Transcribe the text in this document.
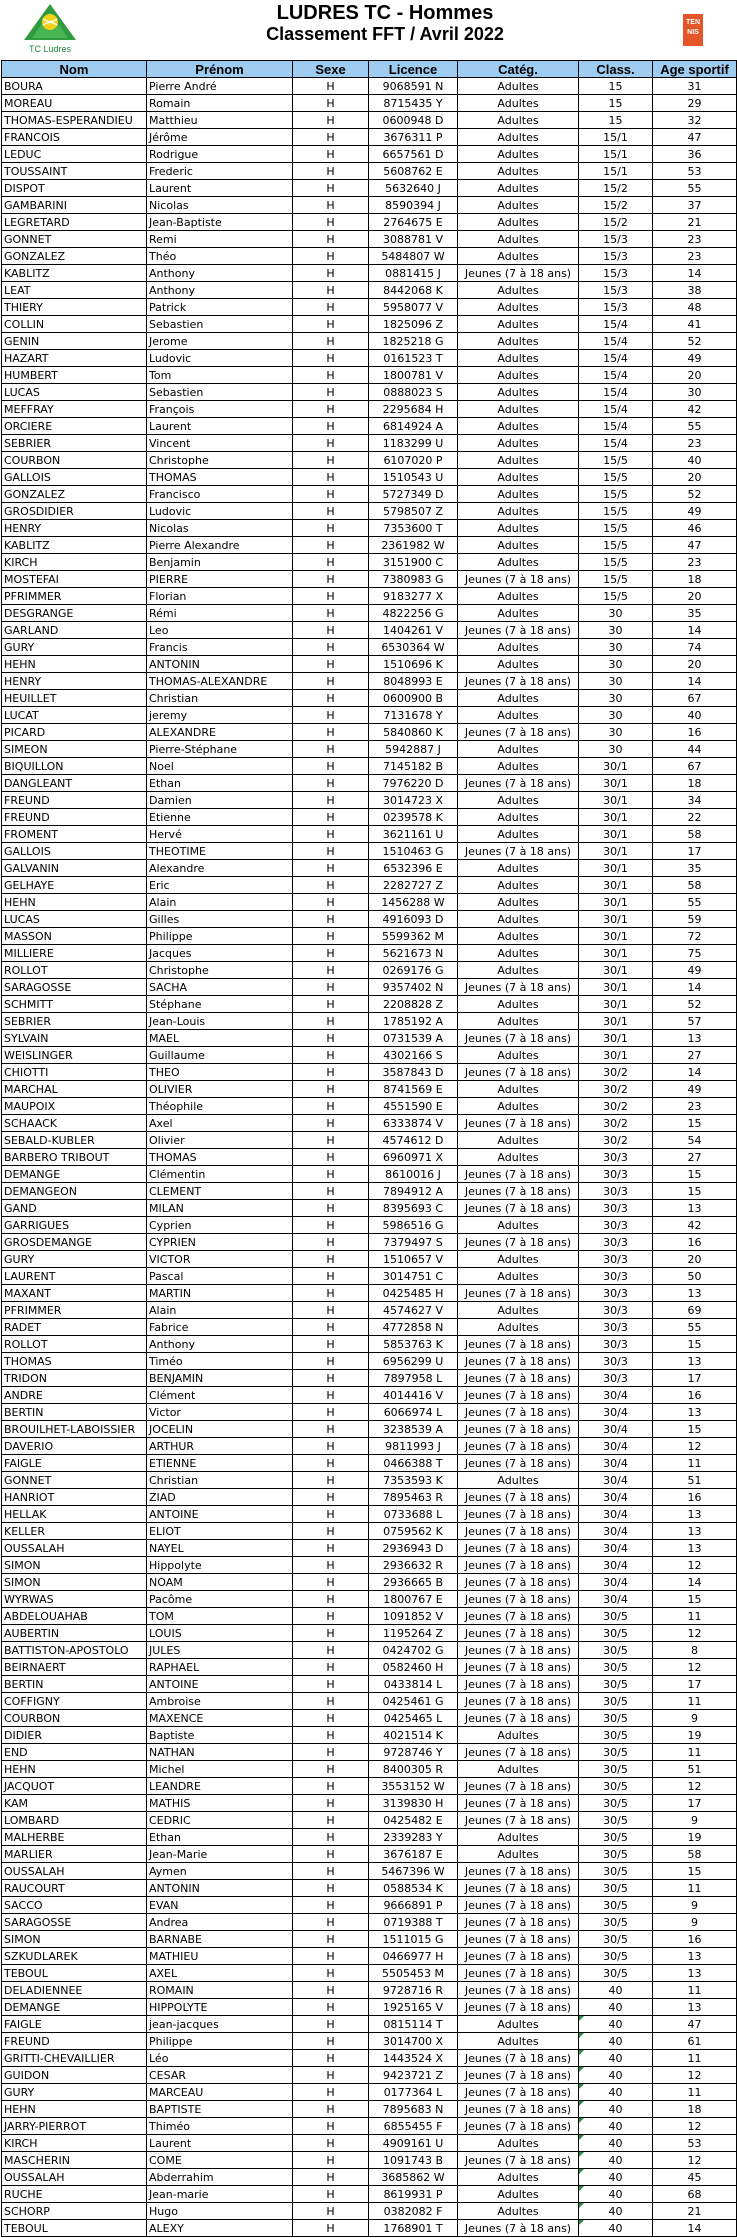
TC Ludres
LUDRES TC - Hommes
Classement FFT / Avril 2022
TEN NIS
Nom	Prénom	Sexe	Licence	Catég.	Class.	Age sportif
BOURA	Pierre André	H	9068591 N	Adultes	15	31
MOREAU	Romain	H	8715435 Y	Adultes	15	29
THOMAS-ESPERANDIEU	Matthieu	H	0600948 D	Adultes	15	32
FRANCOIS	Jérôme	H	3676311 P	Adultes	15/1	47
LEDUC	Rodrigue	H	6657561 D	Adultes	15/1	36
TOUSSAINT	Frederic	H	5608762 E	Adultes	15/1	53
DISPOT	Laurent	H	5632640 J	Adultes	15/2	55
GAMBARINI	Nicolas	H	8590394 J	Adultes	15/2	37
LEGRETARD	Jean-Baptiste	H	2764675 E	Adultes	15/2	21
GONNET	Remi	H	3088781 V	Adultes	15/3	23
GONZALEZ	Théo	H	5484807 W	Adultes	15/3	23
KABLITZ	Anthony	H	0881415 J	Jeunes (7 à 18 ans)	15/3	14
LEAT	Anthony	H	8442068 K	Adultes	15/3	38
THIERY	Patrick	H	5958077 V	Adultes	15/3	48
COLLIN	Sebastien	H	1825096 Z	Adultes	15/4	41
GENIN	Jerome	H	1825218 G	Adultes	15/4	52
HAZART	Ludovic	H	0161523 T	Adultes	15/4	49
HUMBERT	Tom	H	1800781 V	Adultes	15/4	20
LUCAS	Sebastien	H	0888023 S	Adultes	15/4	30
MEFFRAY	François	H	2295684 H	Adultes	15/4	42
ORCIERE	Laurent	H	6814924 A	Adultes	15/4	55
SEBRIER	Vincent	H	1183299 U	Adultes	15/4	23
COURBON	Christophe	H	6107020 P	Adultes	15/5	40
GALLOIS	THOMAS	H	1510543 U	Adultes	15/5	20
GONZALEZ	Francisco	H	5727349 D	Adultes	15/5	52
GROSDIDIER	Ludovic	H	5798507 Z	Adultes	15/5	49
HENRY	Nicolas	H	7353600 T	Adultes	15/5	46
KABLITZ	Pierre Alexandre	H	2361982 W	Adultes	15/5	47
KIRCH	Benjamin	H	3151900 C	Adultes	15/5	23
MOSTEFAI	PIERRE	H	7380983 G	Jeunes (7 à 18 ans)	15/5	18
PFRIMMER	Florian	H	9183277 X	Adultes	15/5	20
DESGRANGE	Rémi	H	4822256 G	Adultes	30	35
GARLAND	Leo	H	1404261 V	Jeunes (7 à 18 ans)	30	14
GURY	Francis	H	6530364 W	Adultes	30	74
HEHN	ANTONIN	H	1510696 K	Adultes	30	20
HENRY	THOMAS-ALEXANDRE	H	8048993 E	Jeunes (7 à 18 ans)	30	14
HEUILLET	Christian	H	0600900 B	Adultes	30	67
LUCAT	jeremy	H	7131678 Y	Adultes	30	40
PICARD	ALEXANDRE	H	5840860 K	Jeunes (7 à 18 ans)	30	16
SIMEON	Pierre-Stéphane	H	5942887 J	Adultes	30	44
BIQUILLON	Noel	H	7145182 B	Adultes	30/1	67
DANGLEANT	Ethan	H	7976220 D	Jeunes (7 à 18 ans)	30/1	18
FREUND	Damien	H	3014723 X	Adultes	30/1	34
FREUND	Etienne	H	0239578 K	Adultes	30/1	22
FROMENT	Hervé	H	3621161 U	Adultes	30/1	58
GALLOIS	THEOTIME	H	1510463 G	Jeunes (7 à 18 ans)	30/1	17
GALVANIN	Alexandre	H	6532396 E	Adultes	30/1	35
GELHAYE	Eric	H	2282727 Z	Adultes	30/1	58
HEHN	Alain	H	1456288 W	Adultes	30/1	55
LUCAS	Gilles	H	4916093 D	Adultes	30/1	59
MASSON	Philippe	H	5599362 M	Adultes	30/1	72
MILLIERE	Jacques	H	5621673 N	Adultes	30/1	75
ROLLOT	Christophe	H	0269176 G	Adultes	30/1	49
SARAGOSSE	SACHA	H	9357402 N	Jeunes (7 à 18 ans)	30/1	14
SCHMITT	Stéphane	H	2208828 Z	Adultes	30/1	52
SEBRIER	Jean-Louis	H	1785192 A	Adultes	30/1	57
SYLVAIN	MAEL	H	0731539 A	Jeunes (7 à 18 ans)	30/1	13
WEISLINGER	Guillaume	H	4302166 S	Adultes	30/1	27
CHIOTTI	THEO	H	3587843 D	Jeunes (7 à 18 ans)	30/2	14
MARCHAL	OLIVIER	H	8741569 E	Adultes	30/2	49
MAUPOIX	Théophile	H	4551590 E	Adultes	30/2	23
SCHAACK	Axel	H	6333874 V	Jeunes (7 à 18 ans)	30/2	15
SEBALD-KUBLER	Olivier	H	4574612 D	Adultes	30/2	54
BARBERO TRIBOUT	THOMAS	H	6960971 X	Adultes	30/3	27
DEMANGE	Clémentin	H	8610016 J	Jeunes (7 à 18 ans)	30/3	15
DEMANGEON	CLEMENT	H	7894912 A	Jeunes (7 à 18 ans)	30/3	15
GAND	MILAN	H	8395693 C	Jeunes (7 à 18 ans)	30/3	13
GARRIGUES	Cyprien	H	5986516 G	Adultes	30/3	42
GROSDEMANGE	CYPRIEN	H	7379497 S	Jeunes (7 à 18 ans)	30/3	16
GURY	VICTOR	H	1510657 V	Adultes	30/3	20
LAURENT	Pascal	H	3014751 C	Adultes	30/3	50
MAXANT	MARTIN	H	0425485 H	Jeunes (7 à 18 ans)	30/3	13
PFRIMMER	Alain	H	4574627 V	Adultes	30/3	69
RADET	Fabrice	H	4772858 N	Adultes	30/3	55
ROLLOT	Anthony	H	5853763 K	Jeunes (7 à 18 ans)	30/3	15
THOMAS	Timéo	H	6956299 U	Jeunes (7 à 18 ans)	30/3	13
TRIDON	BENJAMIN	H	7897958 L	Jeunes (7 à 18 ans)	30/3	17
ANDRE	Clément	H	4014416 V	Jeunes (7 à 18 ans)	30/4	16
BERTIN	Victor	H	6066974 L	Jeunes (7 à 18 ans)	30/4	13
BROUILHET-LABOISSIER	JOCELIN	H	3238539 A	Jeunes (7 à 18 ans)	30/4	15
DAVERIO	ARTHUR	H	9811993 J	Jeunes (7 à 18 ans)	30/4	12
FAIGLE	ETIENNE	H	0466388 T	Jeunes (7 à 18 ans)	30/4	11
GONNET	Christian	H	7353593 K	Adultes	30/4	51
HANRIOT	ZIAD	H	7895463 R	Jeunes (7 à 18 ans)	30/4	16
HELLAK	ANTOINE	H	0733688 L	Jeunes (7 à 18 ans)	30/4	13
KELLER	ELIOT	H	0759562 K	Jeunes (7 à 18 ans)	30/4	13
OUSSALAH	NAYEL	H	2936943 D	Jeunes (7 à 18 ans)	30/4	13
SIMON	Hippolyte	H	2936632 R	Jeunes (7 à 18 ans)	30/4	12
SIMON	NOAM	H	2936665 B	Jeunes (7 à 18 ans)	30/4	14
WYRWAS	Pacôme	H	1800767 E	Jeunes (7 à 18 ans)	30/4	15
ABDELOUAHAB	TOM	H	1091852 V	Jeunes (7 à 18 ans)	30/5	11
AUBERTIN	LOUIS	H	1195264 Z	Jeunes (7 à 18 ans)	30/5	12
BATTISTON-APOSTOLO	JULES	H	0424702 G	Jeunes (7 à 18 ans)	30/5	8
BEIRNAERT	RAPHAEL	H	0582460 H	Jeunes (7 à 18 ans)	30/5	12
BERTIN	ANTOINE	H	0433814 L	Jeunes (7 à 18 ans)	30/5	17
COFFIGNY	Ambroise	H	0425461 G	Jeunes (7 à 18 ans)	30/5	11
COURBON	MAXENCE	H	0425465 L	Jeunes (7 à 18 ans)	30/5	9
DIDIER	Baptiste	H	4021514 K	Adultes	30/5	19
END	NATHAN	H	9728746 Y	Jeunes (7 à 18 ans)	30/5	11
HEHN	Michel	H	8400305 R	Adultes	30/5	51
JACQUOT	LEANDRE	H	3553152 W	Jeunes (7 à 18 ans)	30/5	12
KAM	MATHIS	H	3139830 H	Jeunes (7 à 18 ans)	30/5	17
LOMBARD	CEDRIC	H	0425482 E	Jeunes (7 à 18 ans)	30/5	9
MALHERBE	Ethan	H	2339283 Y	Adultes	30/5	19
MARLIER	Jean-Marie	H	3676187 E	Adultes	30/5	58
OUSSALAH	Aymen	H	5467396 W	Jeunes (7 à 18 ans)	30/5	15
RAUCOURT	ANTONIN	H	0588534 K	Jeunes (7 à 18 ans)	30/5	11
SACCO	EVAN	H	9666891 P	Jeunes (7 à 18 ans)	30/5	9
SARAGOSSE	Andrea	H	0719388 T	Jeunes (7 à 18 ans)	30/5	9
SIMON	BARNABE	H	1511015 G	Jeunes (7 à 18 ans)	30/5	16
SZKUDLAREK	MATHIEU	H	0466977 H	Jeunes (7 à 18 ans)	30/5	13
TEBOUL	AXEL	H	5505453 M	Jeunes (7 à 18 ans)	30/5	13
DELADIENNEE	ROMAIN	H	9728716 R	Jeunes (7 à 18 ans)	40	11
DEMANGE	HIPPOLYTE	H	1925165 V	Jeunes (7 à 18 ans)	40	13
FAIGLE	jean-jacques	H	0815114 T	Adultes	40	47
FREUND	Philippe	H	3014700 X	Adultes	40	61
GRITTI-CHEVAILLIER	Léo	H	1443524 X	Jeunes (7 à 18 ans)	40	11
GUIDON	CESAR	H	9423721 Z	Jeunes (7 à 18 ans)	40	12
GURY	MARCEAU	H	0177364 L	Jeunes (7 à 18 ans)	40	11
HEHN	BAPTISTE	H	7895683 N	Jeunes (7 à 18 ans)	40	18
JARRY-PIERROT	Thiméo	H	6855455 F	Jeunes (7 à 18 ans)	40	12
KIRCH	Laurent	H	4909161 U	Adultes	40	53
MASCHERIN	COME	H	1091743 B	Jeunes (7 à 18 ans)	40	12
OUSSALAH	Abderrahim	H	3685862 W	Adultes	40	45
RUCHE	Jean-marie	H	8619931 P	Adultes	40	68
SCHORP	Hugo	H	0382082 F	Adultes	40	21
TEBOUL	ALEXY	H	1768901 T	Jeunes (7 à 18 ans)	40	14
